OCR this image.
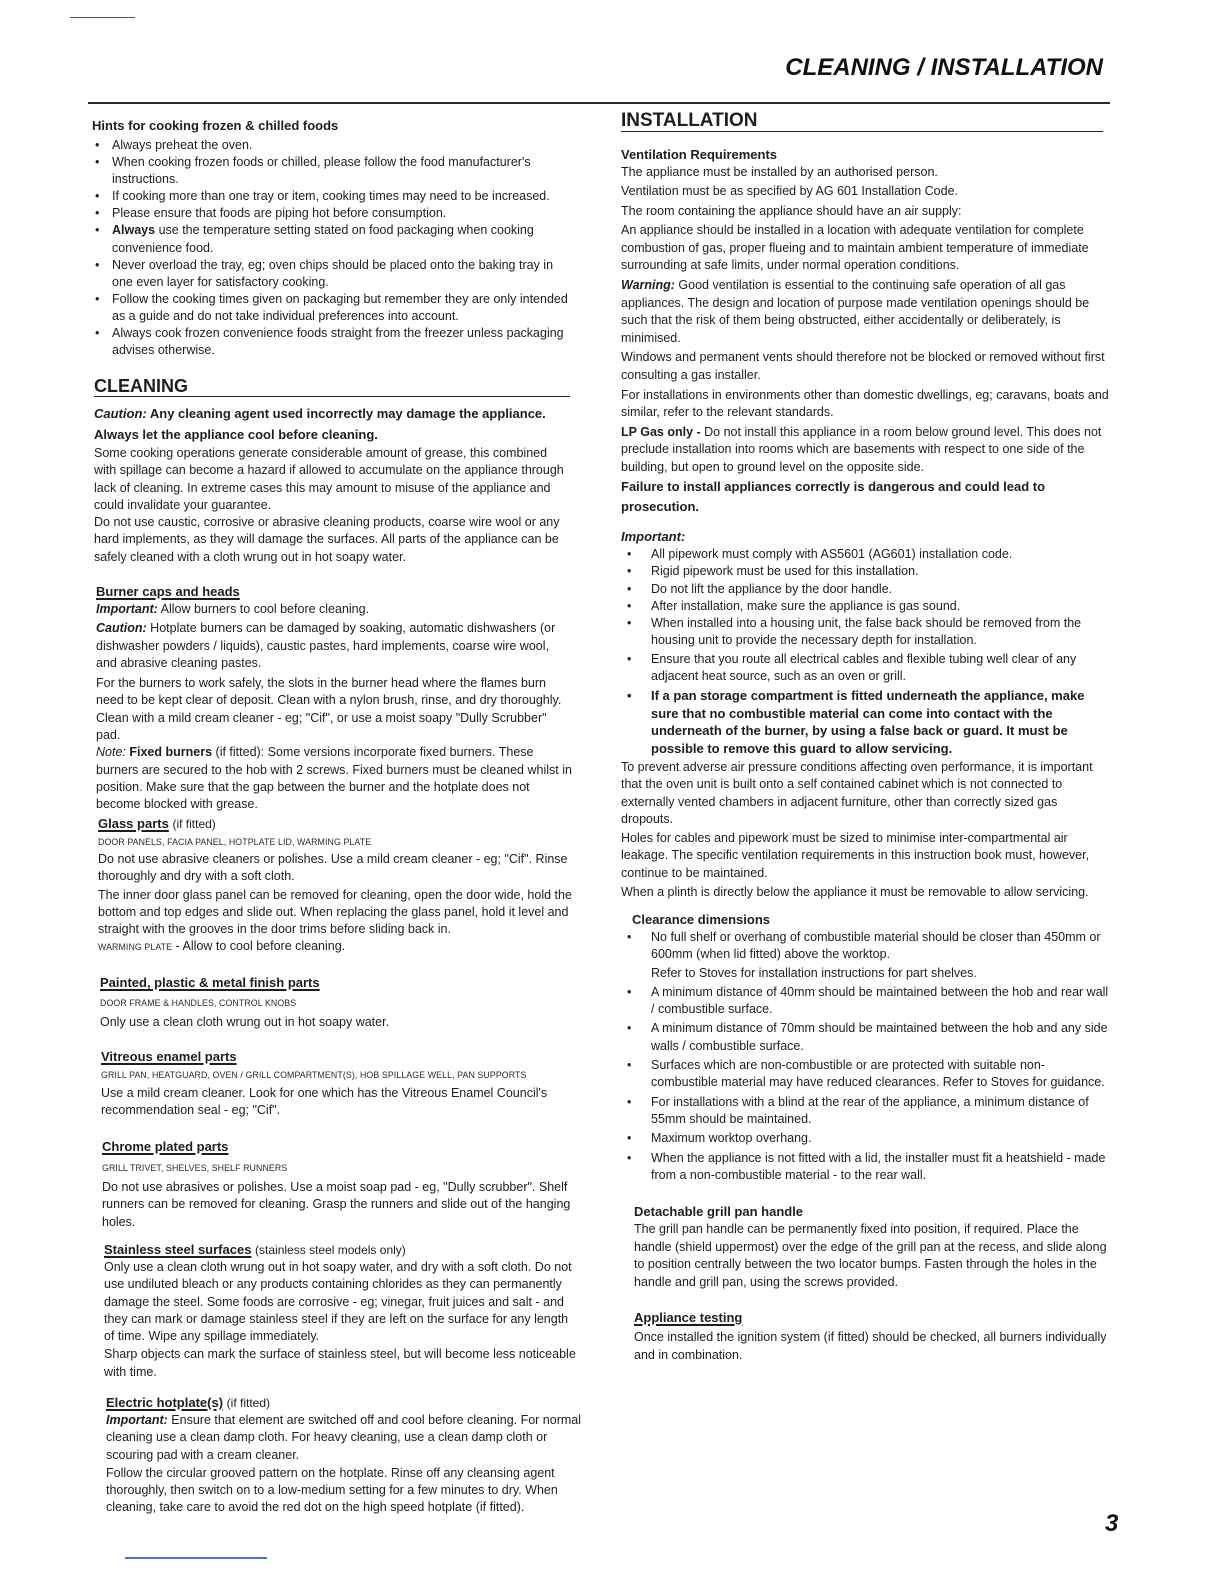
CLEANING / INSTALLATION
Hints for cooking frozen & chilled foods
• Always preheat the oven.
• When cooking frozen foods or chilled, please follow the food manufacturer's instructions.
• If cooking more than one tray or item, cooking times may need to be increased.
• Please ensure that foods are piping hot before consumption.
• Always use the temperature setting stated on food packaging when cooking convenience food.
• Never overload the tray, eg; oven chips should be placed onto the baking tray in one even layer for satisfactory cooking.
• Follow the cooking times given on packaging but remember they are only intended as a guide and do not take individual preferences into account.
• Always cook frozen convenience foods straight from the freezer unless packaging advises otherwise.
CLEANING
Caution: Any cleaning agent used incorrectly may damage the appliance.
Always let the appliance cool before cleaning.

Some cooking operations generate considerable amount of grease, this combined with spillage can become a hazard if allowed to accumulate on the appliance through lack of cleaning. In extreme cases this may amount to misuse of the appliance and could invalidate your guarantee.

Do not use caustic, corrosive or abrasive cleaning products, coarse wire wool or any hard implements, as they will damage the surfaces. All parts of the appliance can be safely cleaned with a cloth wrung out in hot soapy water.

Burner caps and heads

Important: Allow burners to cool before cleaning.

Caution: Hotplate burners can be damaged by soaking, automatic dishwashers (or dishwasher powders / liquids), caustic pastes, hard implements, coarse wire wool, and abrasive cleaning pastes.

For the burners to work safely, the slots in the burner head where the flames burn need to be kept clear of deposit. Clean with a nylon brush, rinse, and dry thoroughly. Clean with a mild cream cleaner - eg; "Cif", or use a moist soapy "Dully Scrubber" pad.

Note: Fixed burners (if fitted): Some versions incorporate fixed burners. These burners are secured to the hob with 2 screws. Fixed burners must be cleaned whilst in position. Make sure that the gap between the burner and the hotplate does not become blocked with grease.

Glass parts (if fitted)
DOOR PANELS, FACIA PANEL, HOTPLATE LID, WARMING PLATE

Do not use abrasive cleaners or polishes. Use a mild cream cleaner - eg; "Cif". Rinse thoroughly and dry with a soft cloth.

The inner door glass panel can be removed for cleaning, open the door wide, hold the bottom and top edges and slide out. When replacing the glass panel, hold it level and straight with the grooves in the door trims before sliding back in.

WARMING PLATE - Allow to cool before cleaning.

Painted, plastic & metal finish parts
DOOR FRAME & HANDLES, CONTROL KNOBS

Only use a clean cloth wrung out in hot soapy water.

Vitreous enamel parts
GRILL PAN, HEATGUARD, OVEN / GRILL COMPARTMENT(S), HOB SPILLAGE WELL, PAN SUPPORTS

Use a mild cream cleaner. Look for one which has the Vitreous Enamel Council's recommendation seal - eg; "Cif".

Chrome plated parts
GRILL TRIVET, SHELVES, SHELF RUNNERS

Do not use abrasives or polishes. Use a moist soap pad - eg, "Dully scrubber". Shelf runners can be removed for cleaning. Grasp the runners and slide out of the hanging holes.

Stainless steel surfaces (stainless steel models only)

Only use a clean cloth wrung out in hot soapy water, and dry with a soft cloth. Do not use undiluted bleach or any products containing chlorides as they can permanently damage the steel. Some foods are corrosive - eg; vinegar, fruit juices and salt - and they can mark or damage stainless steel if they are left on the surface for any length of time. Wipe any spillage immediately.

Sharp objects can mark the surface of stainless steel, but will become less noticeable with time.

Electric hotplate(s) (if fitted)

Important: Ensure that element are switched off and cool before cleaning. For normal cleaning use a clean damp cloth. For heavy cleaning, use a clean damp cloth or scouring pad with a cream cleaner.

Follow the circular grooved pattern on the hotplate. Rinse off any cleansing agent thoroughly, then switch on to a low-medium setting for a few minutes to dry. When cleaning, take care to avoid the red dot on the high speed hotplate (if fitted).

INSTALLATION
Ventilation Requirements

The appliance must be installed by an authorised person.

Ventilation must be as specified by AG 601 Installation Code.

The room containing the appliance should have an air supply:

An appliance should be installed in a location with adequate ventilation for complete combustion of gas, proper flueing and to maintain ambient temperature of immediate surrounding at safe limits, under normal operation conditions.

Warning: Good ventilation is essential to the continuing safe operation of all gas appliances. The design and location of purpose made ventilation openings should be such that the risk of them being obstructed, either accidentally or deliberately, is minimised.

Windows and permanent vents should therefore not be blocked or removed without first consulting a gas installer.

For installations in environments other than domestic dwellings, eg; caravans, boats and similar, refer to the relevant standards.

LP Gas only - Do not install this appliance in a room below ground level. This does not preclude installation into rooms which are basements with respect to one side of the building, but open to ground level on the opposite side.

Failure to install appliances correctly is dangerous and could lead to prosecution.
Important:
• All pipework must comply with AS5601 (AG601) installation code.
• Rigid pipework must be used for this installation.
• Do not lift the appliance by the door handle.
• After installation, make sure the appliance is gas sound.
• When installed into a housing unit, the false back should be removed from the housing unit to provide the necessary depth for installation.
• Ensure that you route all electrical cables and flexible tubing well clear of any adjacent heat source, such as an oven or grill.
• If a pan storage compartment is fitted underneath the appliance, make sure that no combustible material can come into contact with the underneath of the burner, by using a false back or guard. It must be possible to remove this guard to allow servicing.

To prevent adverse air pressure conditions affecting oven performance, it is important that the oven unit is built onto a self contained cabinet which is not connected to externally vented chambers in adjacent furniture, other than correctly sized gas dropouts.

Holes for cables and pipework must be sized to minimise inter-compartmental air leakage. The specific ventilation requirements in this instruction book must, however, continue to be maintained.

When a plinth is directly below the appliance it must be removable to allow servicing.

Clearance dimensions
• No full shelf or overhang of combustible material should be closer than 450mm or 600mm (when lid fitted) above the worktop.
Refer to Stoves for installation instructions for part shelves.
• A minimum distance of 40mm should be maintained between the hob and rear wall / combustible surface.
• A minimum distance of 70mm should be maintained between the hob and any side walls / combustible surface.
• Surfaces which are non-combustible or are protected with suitable non-combustible material may have reduced clearances. Refer to Stoves for guidance.
• For installations with a blind at the rear of the appliance, a minimum distance of 55mm should be maintained.
• Maximum worktop overhang.
• When the appliance is not fitted with a lid, the installer must fit a heatshield - made from a non-combustible material - to the rear wall.
Detachable grill pan handle

The grill pan handle can be permanently fixed into position, if required. Place the handle (shield uppermost) over the edge of the grill pan at the recess, and slide along to position centrally between the two locator bumps. Fasten through the holes in the handle and grill pan, using the screws provided.

Appliance testing

Once installed the ignition system (if fitted) should be checked, all burners individually and in combination.

3
